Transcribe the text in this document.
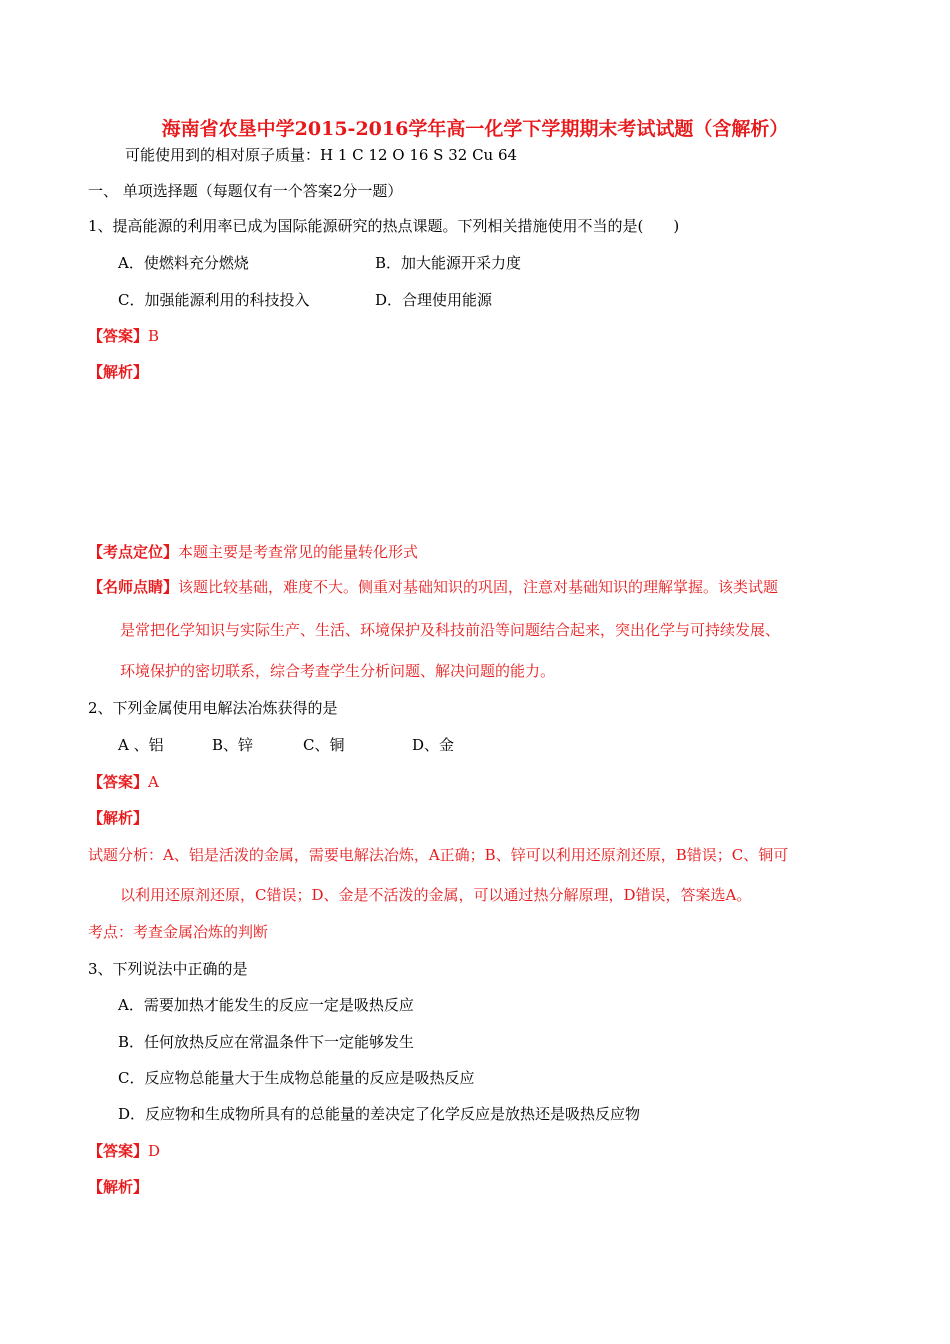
海南省农垦中学2015-2016学年高一化学下学期期末考试试题（含解析）
可能使用到的相对原子质量：H 1 C 12 O 16 S 32 Cu 64
一、 单项选择题（每题仅有一个答案2分一题）
1、提高能源的利用率已成为国际能源研究的热点课题。下列相关措施使用不当的是(　　)
A．使燃料充分燃烧	B．加大能源开采力度
C．加强能源利用的科技投入	D．合理使用能源
【答案】B
【解析】
【考点定位】本题主要是考查常见的能量转化形式
【名师点睛】该题比较基础，难度不大。侧重对基础知识的巩固，注意对基础知识的理解掌握。该类试题
是常把化学知识与实际生产、生活、环境保护及科技前沿等问题结合起来，突出化学与可持续发展、
环境保护的密切联系，综合考查学生分析问题、解决问题的能力。
2、下列金属使用电解法冶炼获得的是
A 、铝	B、锌	C、铜	D、金
【答案】A
【解析】
试题分析：A、铝是活泼的金属，需要电解法冶炼，A正确；B、锌可以利用还原剂还原，B错误；C、铜可
以利用还原剂还原，C错误；D、金是不活泼的金属，可以通过热分解原理，D错误，答案选A。
考点：考查金属冶炼的判断
3、下列说法中正确的是
A．需要加热才能发生的反应一定是吸热反应
B．任何放热反应在常温条件下一定能够发生
C．反应物总能量大于生成物总能量的反应是吸热反应
D．反应物和生成物所具有的总能量的差决定了化学反应是放热还是吸热反应物
【答案】D
【解析】
